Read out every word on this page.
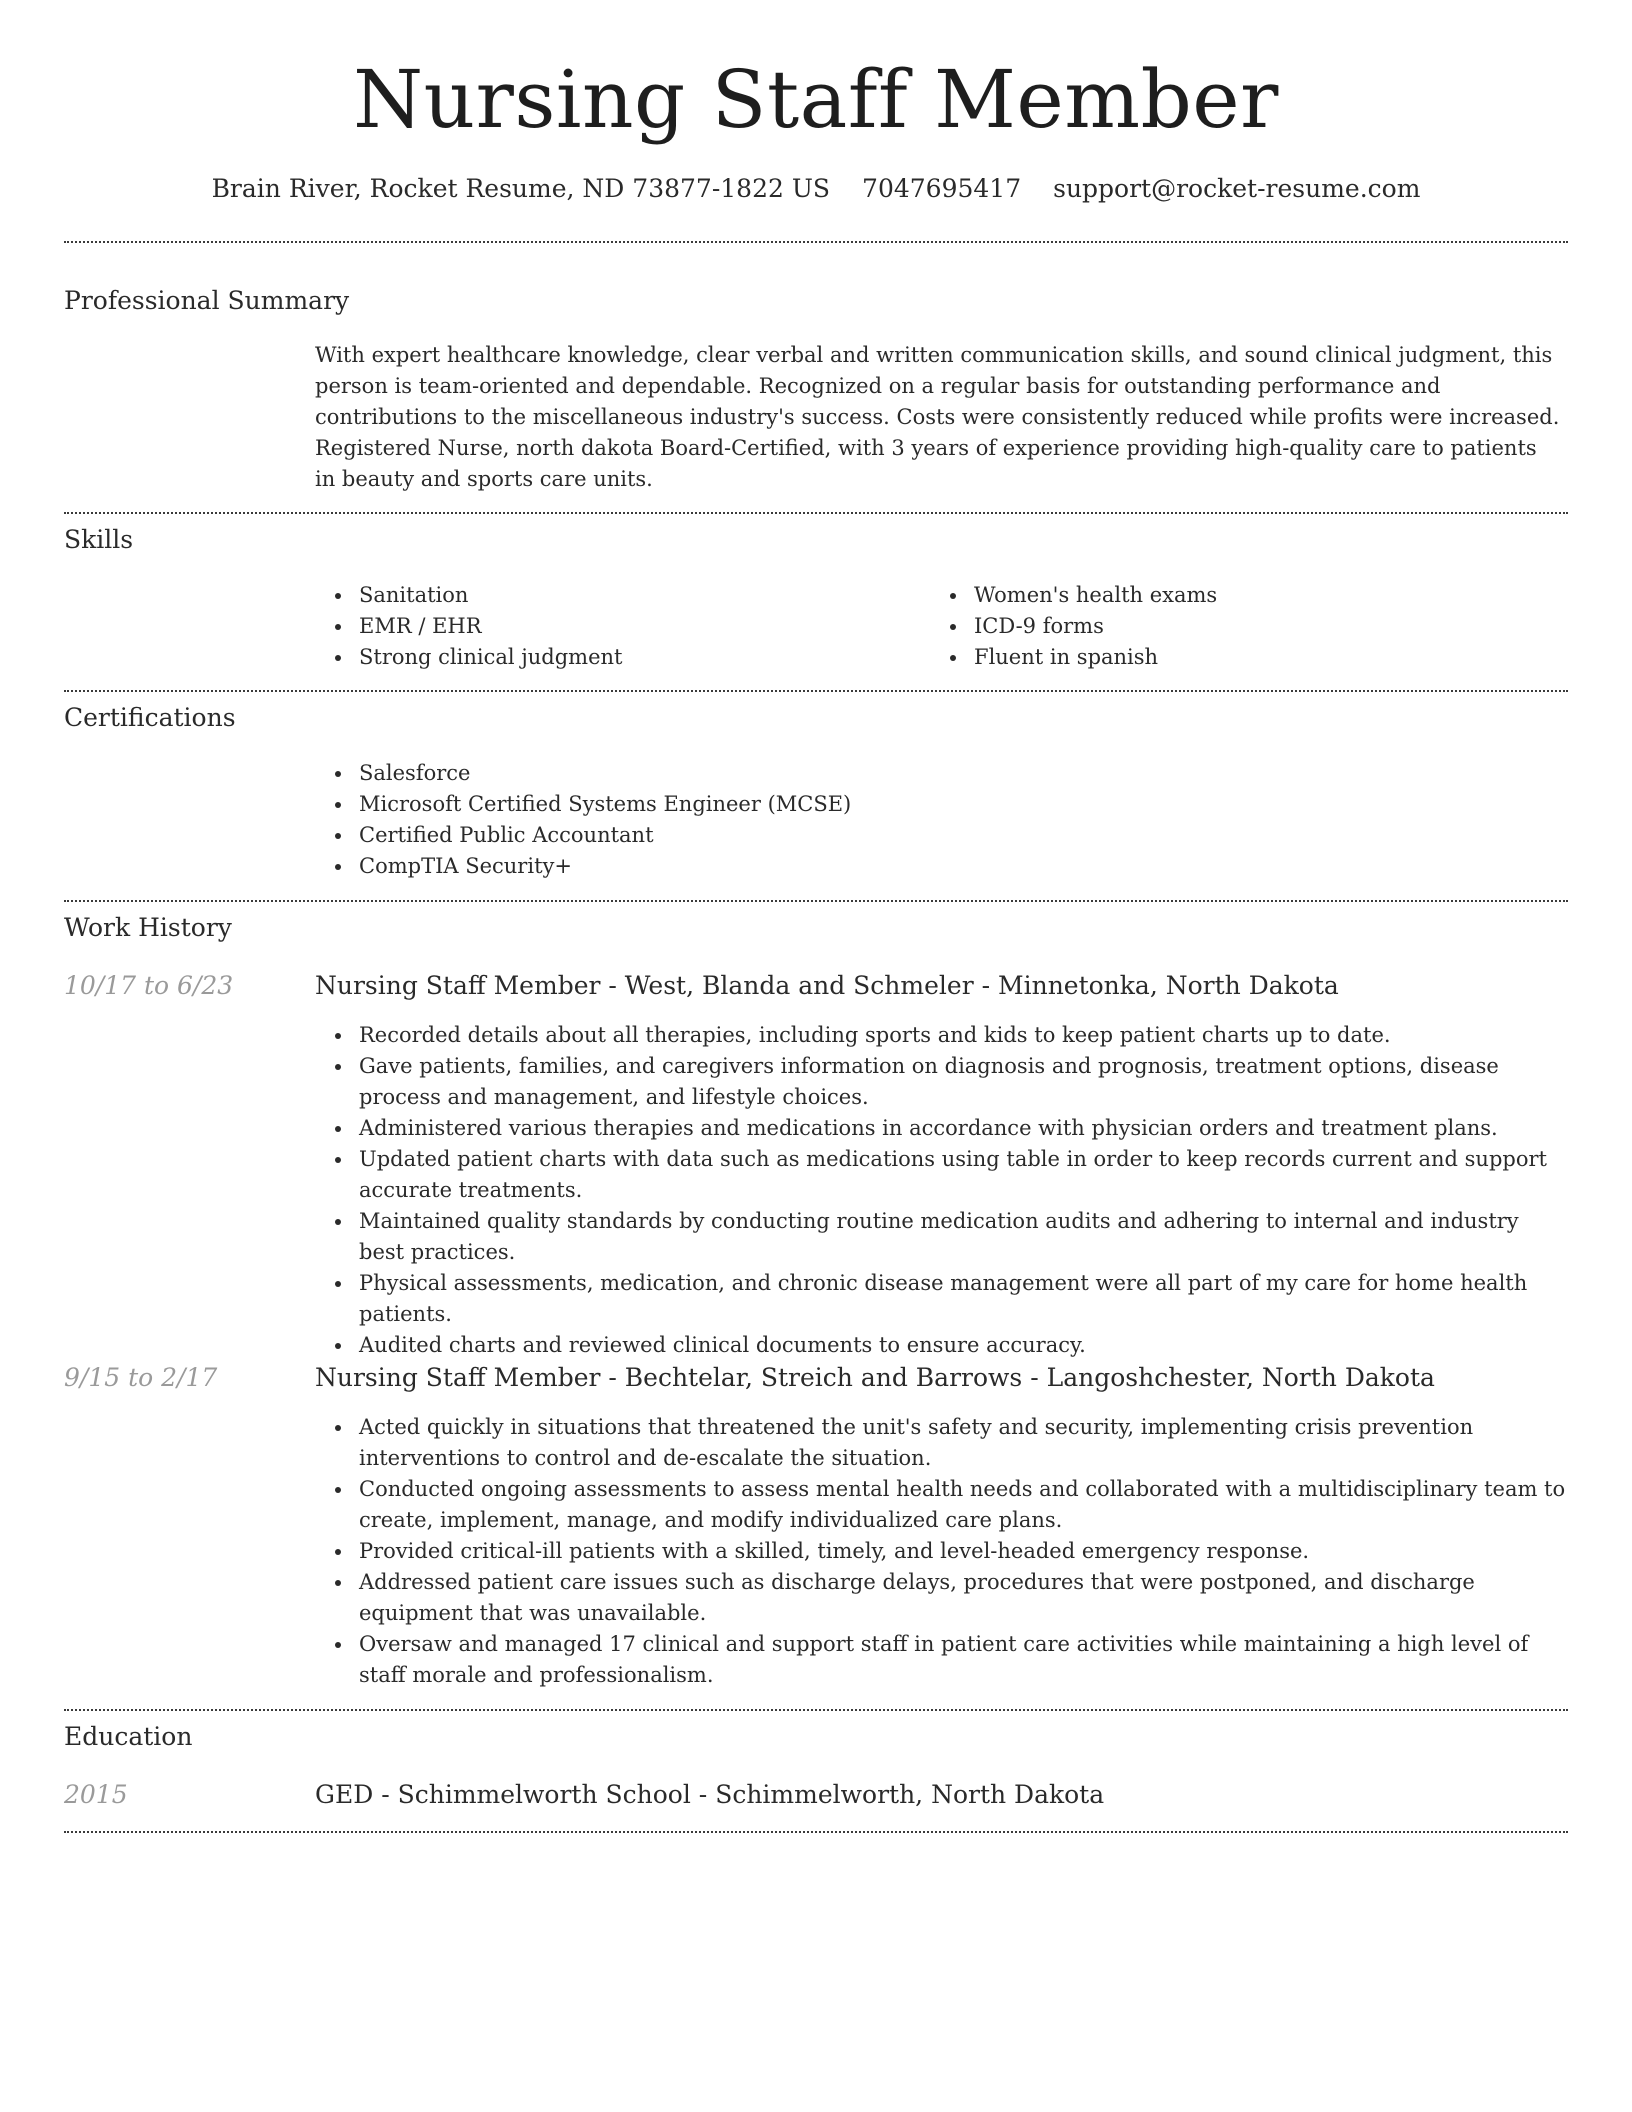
Nursing Staff Member
Brain River, Rocket Resume, ND 73877-1822 US 7047695417 support@rocket-resume.com
Professional Summary

With expert healthcare knowledge, clear verbal and written communication skills, and sound clinical judgment, this person is team-oriented and dependable. Recognized on a regular basis for outstanding performance and contributions to the miscellaneous industry's success. Costs were consistently reduced while profits were increased. Registered Nurse, north dakota Board-Certified, with 3 years of experience providing high-quality care to patients in beauty and sports care units.

Skills
Sanitation
EMR / EHR
Strong clinical judgment
Women's health exams
ICD-9 forms
Fluent in spanish
Certifications
Salesforce
Microsoft Certified Systems Engineer (MCSE)
Certified Public Accountant
CompTIA Security+
Work History
10/17 to 6/23	Nursing Staff Member - West, Blanda and Schmeler - Minnetonka, North Dakota
Recorded details about all therapies, including sports and kids to keep patient charts up to date.
Gave patients, families, and caregivers information on diagnosis and prognosis, treatment options, disease process and management, and lifestyle choices.
Administered various therapies and medications in accordance with physician orders and treatment plans.
Updated patient charts with data such as medications using table in order to keep records current and support accurate treatments.
Maintained quality standards by conducting routine medication audits and adhering to internal and industry best practices.
Physical assessments, medication, and chronic disease management were all part of my care for home health patients.
Audited charts and reviewed clinical documents to ensure accuracy.
9/15 to 2/17	Nursing Staff Member - Bechtelar, Streich and Barrows - Langoshchester, North Dakota
Acted quickly in situations that threatened the unit's safety and security, implementing crisis prevention interventions to control and de-escalate the situation.
Conducted ongoing assessments to assess mental health needs and collaborated with a multidisciplinary team to create, implement, manage, and modify individualized care plans.
Provided critical-ill patients with a skilled, timely, and level-headed emergency response.
Addressed patient care issues such as discharge delays, procedures that were postponed, and discharge equipment that was unavailable.
Oversaw and managed 17 clinical and support staff in patient care activities while maintaining a high level of staff morale and professionalism.
Education
2015	GED - Schimmelworth School - Schimmelworth, North Dakota
